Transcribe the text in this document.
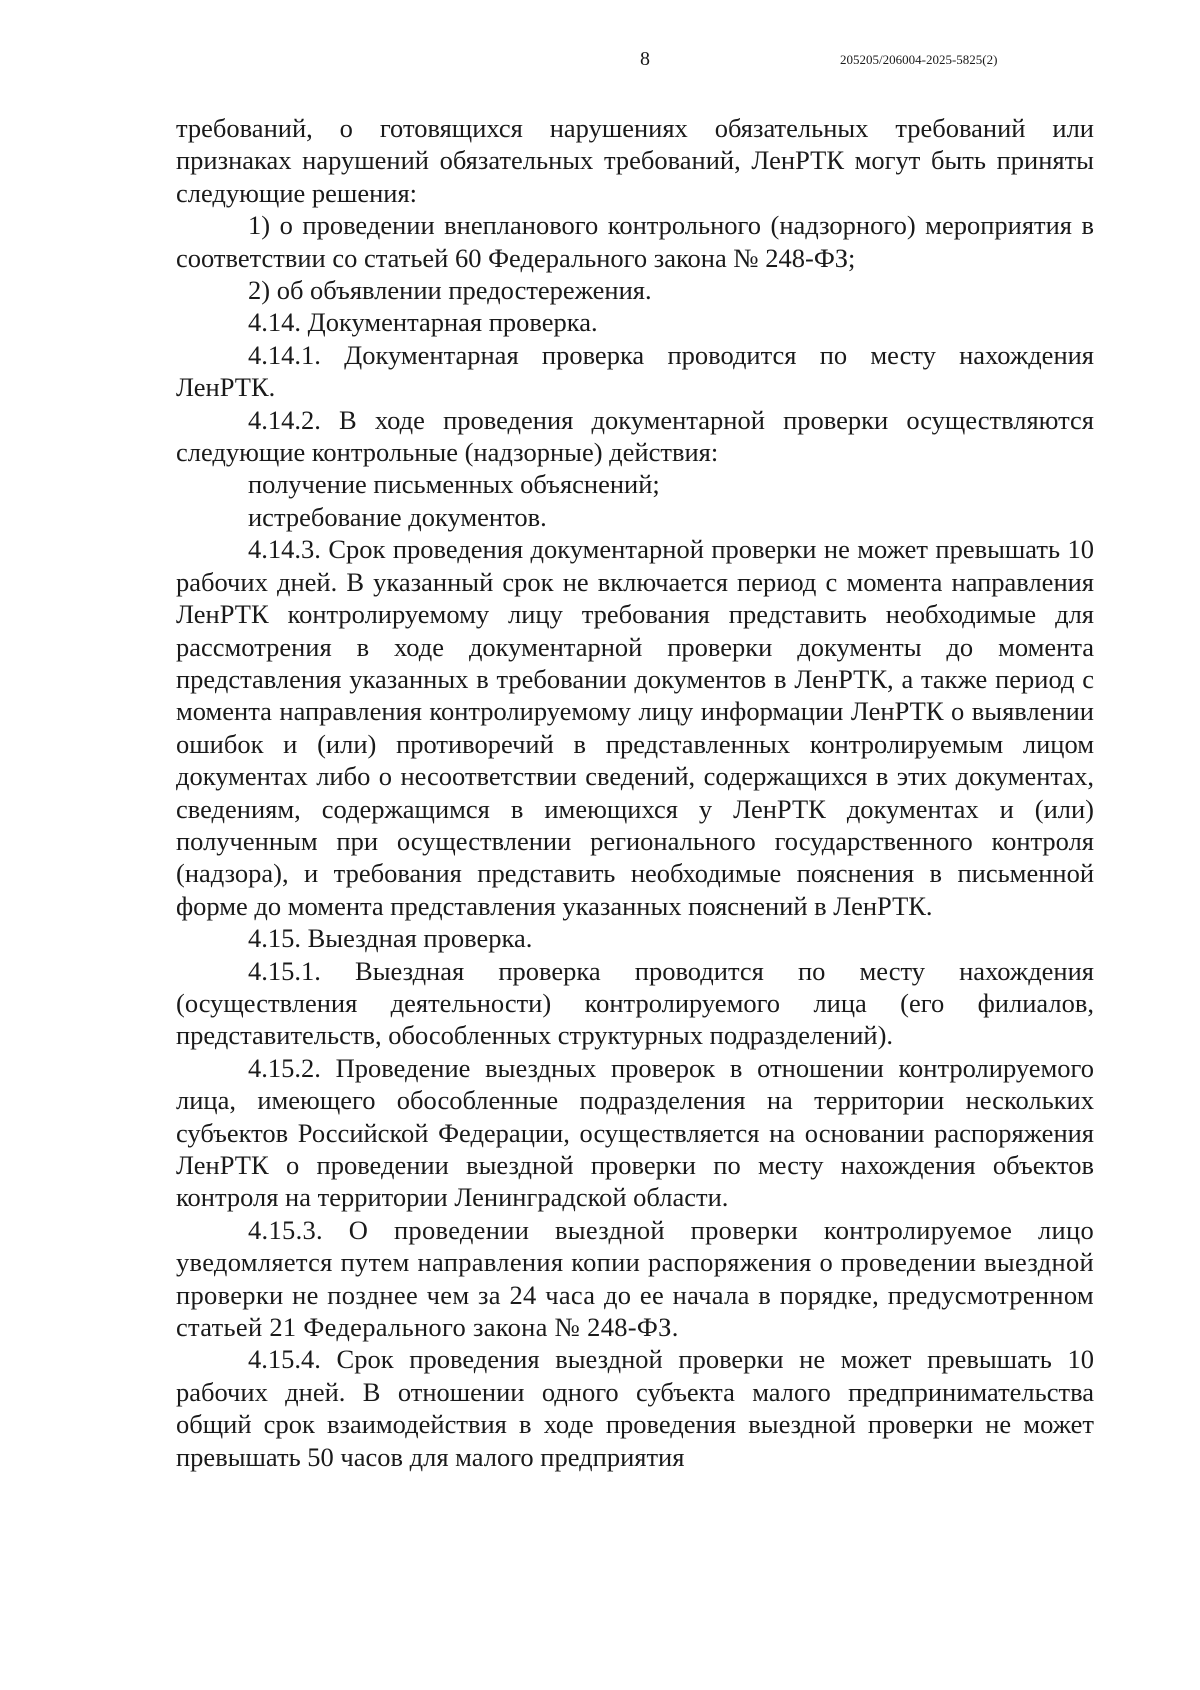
8	205205/206004-2025-5825(2)

требований, о готовящихся нарушениях обязательных требований или признаках нарушений обязательных требований, ЛенРТК могут быть приняты следующие решения:

1) о проведении внепланового контрольного (надзорного) мероприятия в соответствии со статьей 60 Федерального закона № 248-ФЗ;

2) об объявлении предостережения.

4.14. Документарная проверка.

4.14.1. Документарная проверка проводится по месту нахождения ЛенРТК.

4.14.2. В ходе проведения документарной проверки осуществляются следующие контрольные (надзорные) действия:

получение письменных объяснений;

истребование документов.

4.14.3. Срок проведения документарной проверки не может превышать 10 рабочих дней. В указанный срок не включается период с момента направления ЛенРТК контролируемому лицу требования представить необходимые для рассмотрения в ходе документарной проверки документы до момента представления указанных в требовании документов в ЛенРТК, а также период с момента направления контролируемому лицу информации ЛенРТК о выявлении ошибок и (или) противоречий в представленных контролируемым лицом документах либо о несоответствии сведений, содержащихся в этих документах, сведениям, содержащимся в имеющихся у ЛенРТК документах и (или) полученным при осуществлении регионального государственного контроля (надзора), и требования представить необходимые пояснения в письменной форме до момента представления указанных пояснений в ЛенРТК.

4.15. Выездная проверка.

4.15.1. Выездная проверка проводится по месту нахождения (осуществления деятельности) контролируемого лица (его филиалов, представительств, обособленных структурных подразделений).

4.15.2. Проведение выездных проверок в отношении контролируемого лица, имеющего обособленные подразделения на территории нескольких субъектов Российской Федерации, осуществляется на основании распоряжения ЛенРТК о проведении выездной проверки по месту нахождения объектов контроля на территории Ленинградской области.

4.15.3. О проведении выездной проверки контролируемое лицо уведомляется путем направления копии распоряжения о проведении выездной проверки не позднее чем за 24 часа до ее начала в порядке, предусмотренном статьей 21 Федерального закона № 248-ФЗ.

4.15.4. Срок проведения выездной проверки не может превышать 10 рабочих дней. В отношении одного субъекта малого предпринимательства общий срок взаимодействия в ходе проведения выездной проверки не может превышать 50 часов для малого предприятия
